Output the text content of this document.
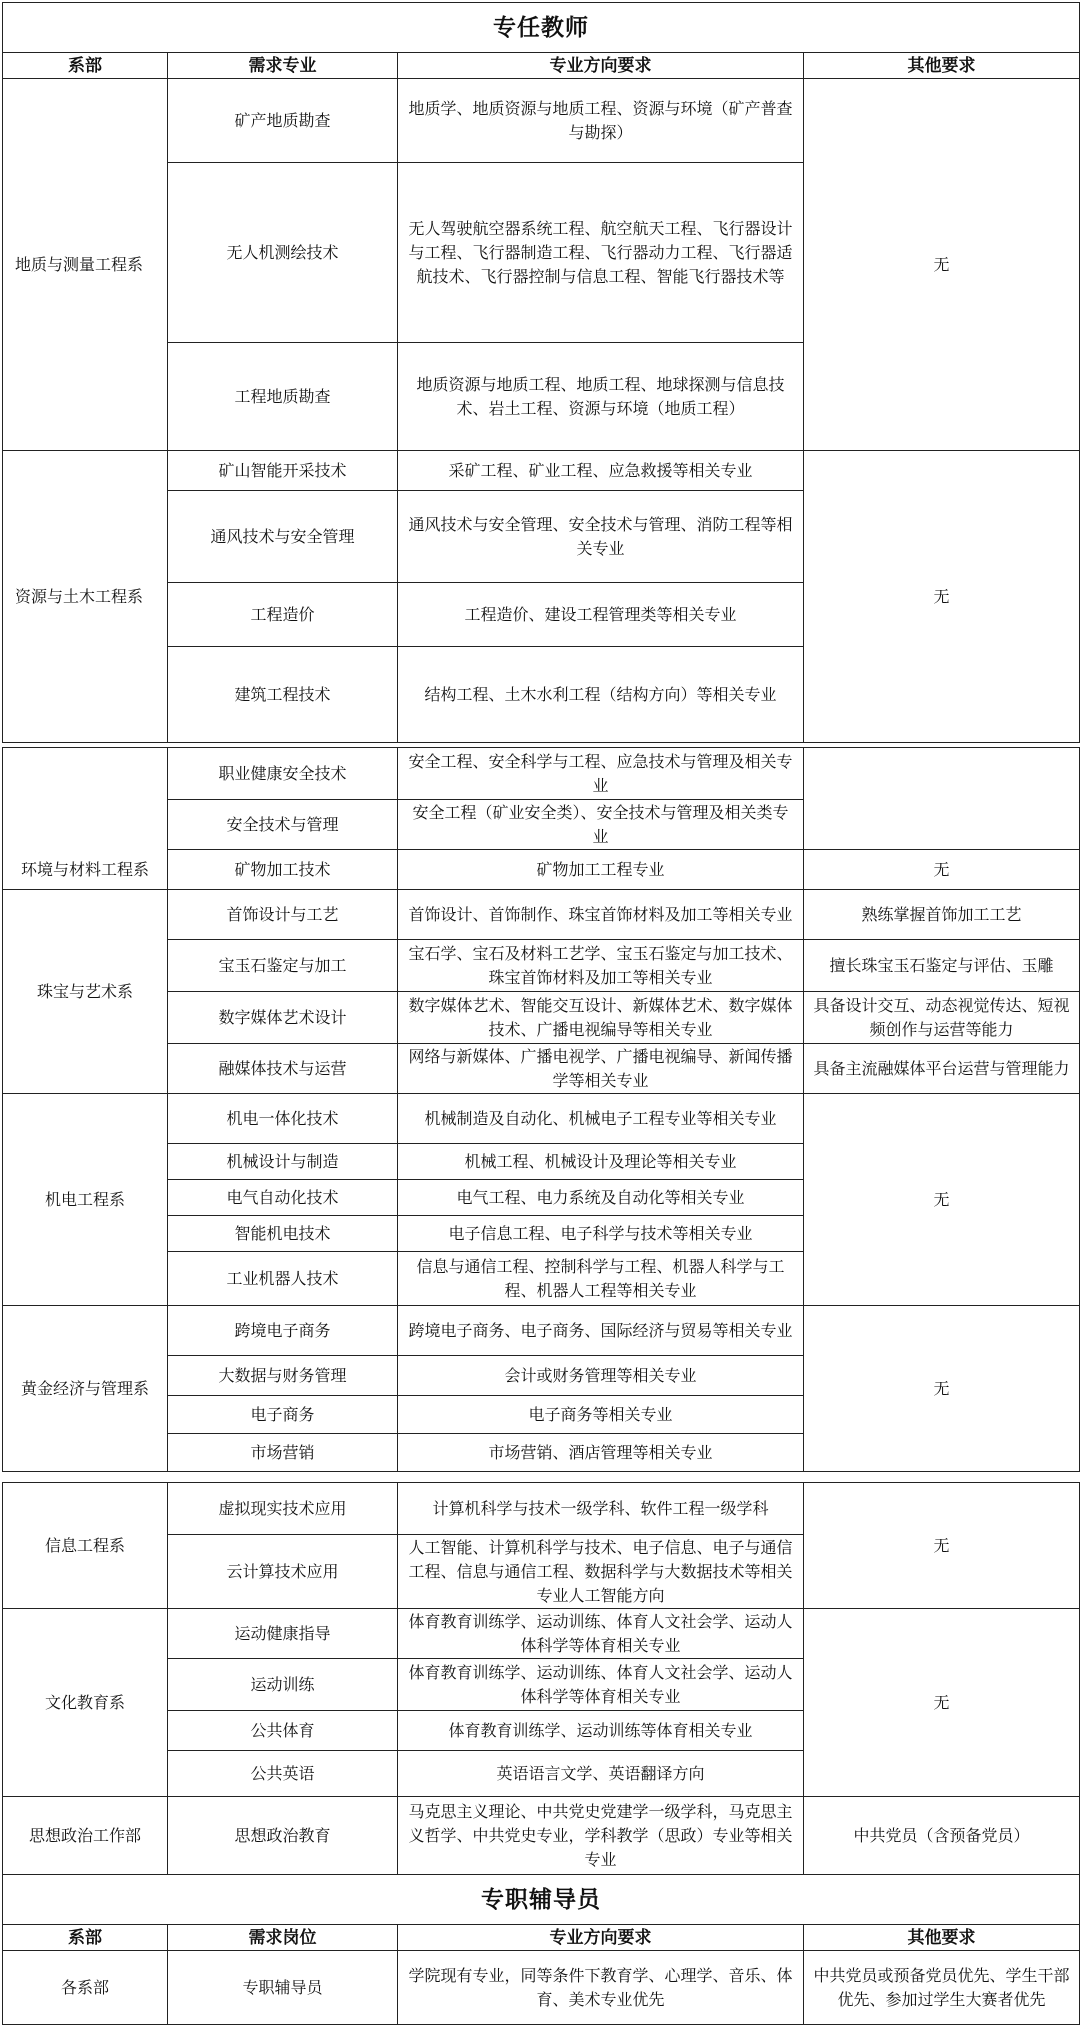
专任教师			
系部	需求专业	专业方向要求	其他要求
地质与测量工程系	矿产地质勘查	地质学、地质资源与地质工程、资源与环境（矿产普查与勘探）	无
	无人机测绘技术	无人驾驶航空器系统工程、航空航天工程、飞行器设计与工程、飞行器制造工程、飞行器动力工程、飞行器适航技术、飞行器控制与信息工程、智能飞行器技术等	
	工程地质勘查	地质资源与地质工程、地质工程、地球探测与信息技术、岩土工程、资源与环境（地质工程）	
资源与土木工程系	矿山智能开采技术	采矿工程、矿业工程、应急救援等相关专业	无
	通风技术与安全管理	通风技术与安全管理、安全技术与管理、消防工程等相关专业	
	工程造价	工程造价、建设工程管理类等相关专业	
	建筑工程技术	结构工程、土木水利工程（结构方向）等相关专业	
	职业健康安全技术	安全工程、安全科学与工程、应急技术与管理及相关专业	
	安全技术与管理	安全工程（矿业安全类）、安全技术与管理及相关类专业	
环境与材料工程系	矿物加工技术	矿物加工工程专业	无
珠宝与艺术系	首饰设计与工艺	首饰设计、首饰制作、珠宝首饰材料及加工等相关专业	熟练掌握首饰加工工艺
	宝玉石鉴定与加工	宝石学、宝石及材料工艺学、宝玉石鉴定与加工技术、珠宝首饰材料及加工等相关专业	擅长珠宝玉石鉴定与评估、玉雕
	数字媒体艺术设计	数字媒体艺术、智能交互设计、新媒体艺术、数字媒体技术、广播电视编导等相关专业	具备设计交互、动态视觉传达、短视频创作与运营等能力
	融媒体技术与运营	网络与新媒体、广播电视学、广播电视编导、新闻传播学等相关专业	具备主流融媒体平台运营与管理能力
机电工程系	机电一体化技术	机械制造及自动化、机械电子工程专业等相关专业	无
	机械设计与制造	机械工程、机械设计及理论等相关专业	
	电气自动化技术	电气工程、电力系统及自动化等相关专业	
	智能机电技术	电子信息工程、电子科学与技术等相关专业	
	工业机器人技术	信息与通信工程、控制科学与工程、机器人科学与工程、机器人工程等相关专业	
黄金经济与管理系	跨境电子商务	跨境电子商务、电子商务、国际经济与贸易等相关专业	无
	大数据与财务管理	会计或财务管理等相关专业	
	电子商务	电子商务等相关专业	
	市场营销	市场营销、酒店管理等相关专业	
信息工程系	虚拟现实技术应用	计算机科学与技术一级学科、软件工程一级学科	无
	云计算技术应用	人工智能、计算机科学与技术、电子信息、电子与通信工程、信息与通信工程、数据科学与大数据技术等相关专业人工智能方向	
文化教育系	运动健康指导	体育教育训练学、运动训练、体育人文社会学、运动人体科学等体育相关专业	无
	运动训练	体育教育训练学、运动训练、体育人文社会学、运动人体科学等体育相关专业	
	公共体育	体育教育训练学、运动训练等体育相关专业	
	公共英语	英语语言文学、英语翻译方向	
思想政治工作部	思想政治教育	马克思主义理论、中共党史党建学一级学科，马克思主义哲学、中共党史专业，学科教学（思政）专业等相关专业	中共党员（含预备党员）
专职辅导员			
系部	需求岗位	专业方向要求	其他要求
各系部	专职辅导员	学院现有专业，同等条件下教育学、心理学、音乐、体育、美术专业优先	中共党员或预备党员优先、学生干部优先、参加过学生大赛者优先
